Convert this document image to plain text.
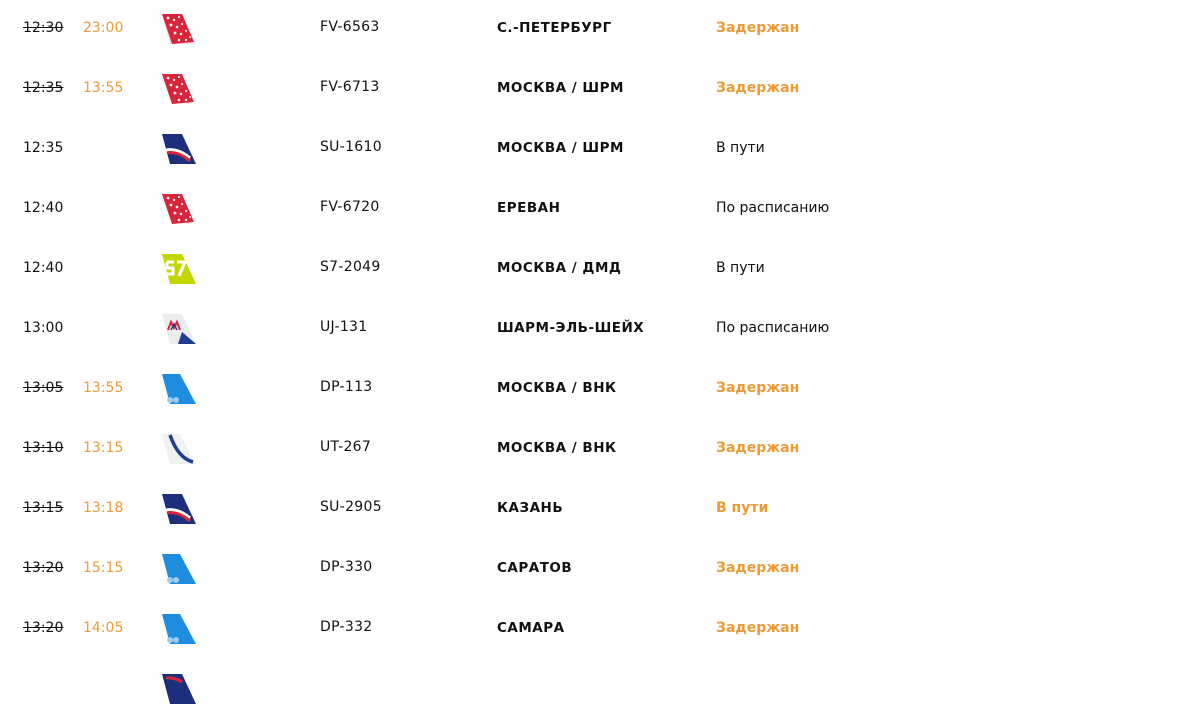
12:30 23:00	FV-6563	С.-ПЕТЕРБУРГ	Задержан
12:35 13:55	FV-6713	МОСКВА / ШРМ	Задержан
12:35	SU-1610	МОСКВА / ШРМ	В пути
12:40	FV-6720	ЕРЕВАН	По расписанию
12:40	S7-2049	МОСКВА / ДМД	В пути
13:00	UJ-131	ШАРМ-ЭЛЬ-ШЕЙХ	По расписанию
13:05 13:55	DP-113	МОСКВА / ВНК	Задержан
13:10 13:15	UT-267	МОСКВА / ВНК	Задержан
13:15 13:18	SU-2905	КАЗАНЬ	В пути
13:20 15:15	DP-330	САРАТОВ	Задержан
13:20 14:05	DP-332	САМАРА	Задержан
